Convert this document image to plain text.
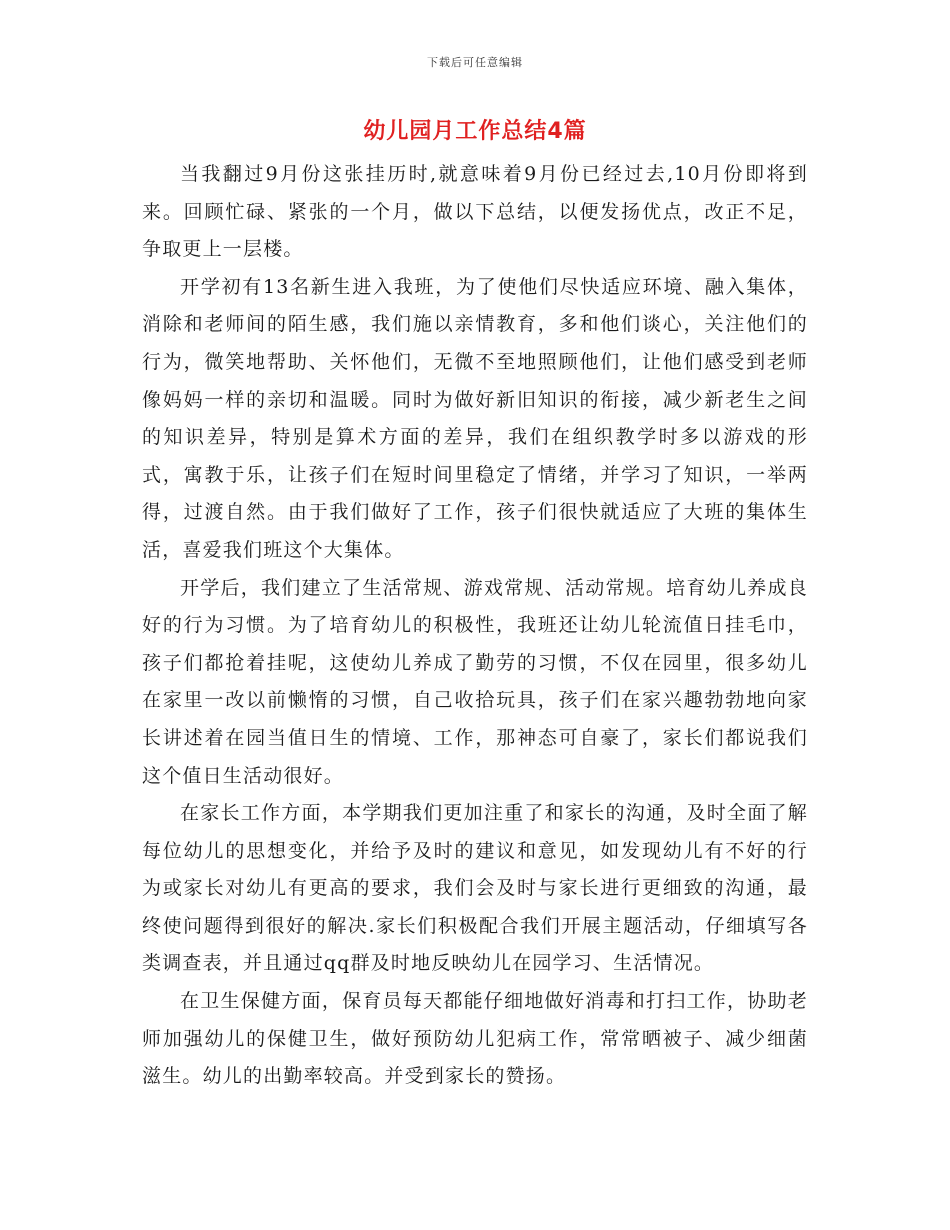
下载后可任意编辑
幼儿园月工作总结4篇

当我翻过9月份这张挂历时,就意味着9月份已经过去,10月份即将到来。回顾忙碌、紧张的一个月，做以下总结，以便发扬优点，改正不足，争取更上一层楼。

开学初有13名新生进入我班，为了使他们尽快适应环境、融入集体，消除和老师间的陌生感，我们施以亲情教育，多和他们谈心，关注他们的行为，微笑地帮助、关怀他们，无微不至地照顾他们，让他们感受到老师像妈妈一样的亲切和温暖。同时为做好新旧知识的衔接，减少新老生之间的知识差异，特别是算术方面的差异，我们在组织教学时多以游戏的形式，寓教于乐，让孩子们在短时间里稳定了情绪，并学习了知识，一举两得，过渡自然。由于我们做好了工作，孩子们很快就适应了大班的集体生活，喜爱我们班这个大集体。

开学后，我们建立了生活常规、游戏常规、活动常规。培育幼儿养成良好的行为习惯。为了培育幼儿的积极性，我班还让幼儿轮流值日挂毛巾，孩子们都抢着挂呢，这使幼儿养成了勤劳的习惯，不仅在园里，很多幼儿在家里一改以前懒惰的习惯，自己收拾玩具，孩子们在家兴趣勃勃地向家长讲述着在园当值日生的情境、工作，那神态可自豪了，家长们都说我们这个值日生活动很好。

在家长工作方面，本学期我们更加注重了和家长的沟通，及时全面了解每位幼儿的思想变化，并给予及时的建议和意见，如发现幼儿有不好的行为或家长对幼儿有更高的要求，我们会及时与家长进行更细致的沟通，最终使问题得到很好的解决.家长们积极配合我们开展主题活动，仔细填写各类调查表，并且通过qq群及时地反映幼儿在园学习、生活情况。

在卫生保健方面，保育员每天都能仔细地做好消毒和打扫工作，协助老师加强幼儿的保健卫生，做好预防幼儿犯病工作，常常晒被子、减少细菌滋生。幼儿的出勤率较高。并受到家长的赞扬。
